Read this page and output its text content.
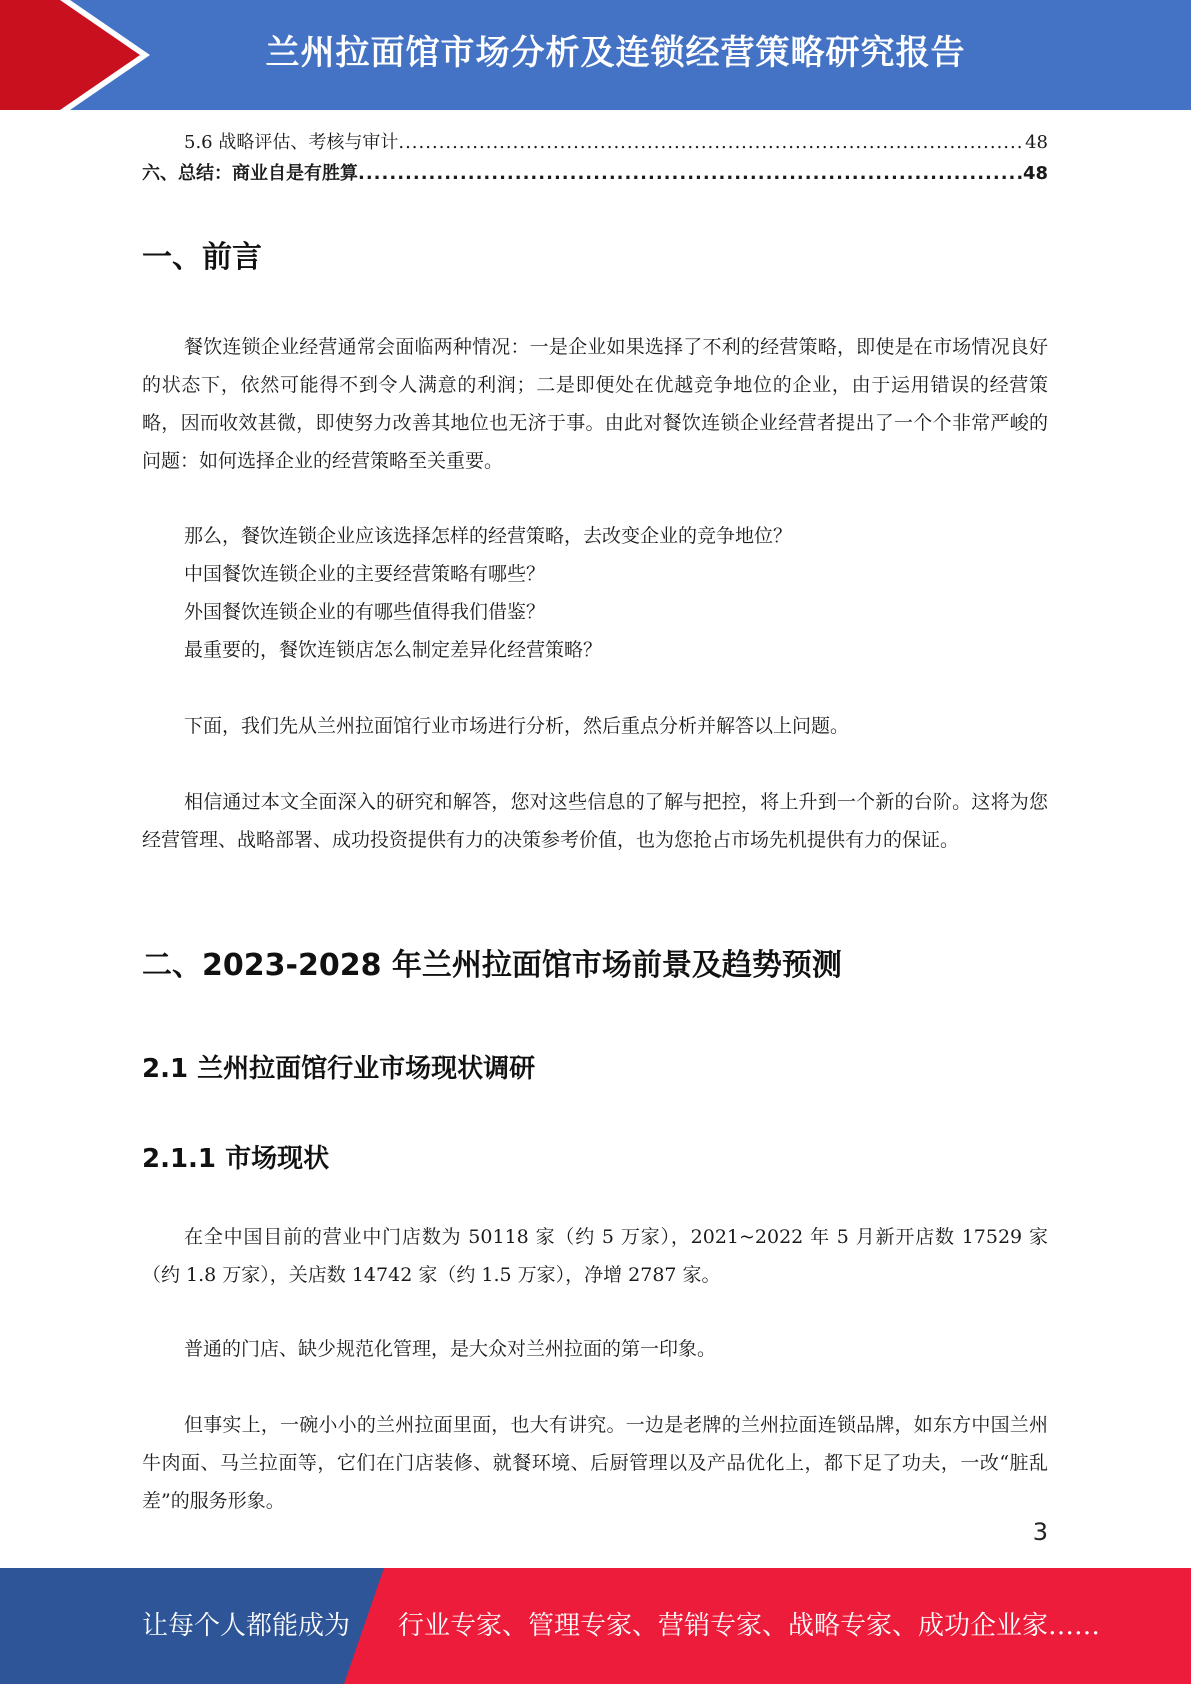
兰州拉面馆市场分析及连锁经营策略研究报告
5.6 战略评估、考核与审计 .....	48
六、总结：商业自是有胜算 .....	48
一、前言
餐饮连锁企业经营通常会面临两种情况：一是企业如果选择了不利的经营策略，即使是在市场情况良好的状态下，依然可能得不到令人满意的利润；二是即便处在优越竞争地位的企业，由于运用错误的经营策略，因而收效甚微，即使努力改善其地位也无济于事。由此对餐饮连锁企业经营者提出了一个个非常严峻的问题：如何选择企业的经营策略至关重要。
那么，餐饮连锁企业应该选择怎样的经营策略，去改变企业的竞争地位？
中国餐饮连锁企业的主要经营策略有哪些？
外国餐饮连锁企业的有哪些值得我们借鉴？
最重要的，餐饮连锁店怎么制定差异化经营策略？
下面，我们先从兰州拉面馆行业市场进行分析，然后重点分析并解答以上问题。
相信通过本文全面深入的研究和解答，您对这些信息的了解与把控，将上升到一个新的台阶。这将为您经营管理、战略部署、成功投资提供有力的决策参考价值，也为您抢占市场先机提供有力的保证。
二、2023-2028 年兰州拉面馆市场前景及趋势预测
2.1 兰州拉面馆行业市场现状调研
2.1.1 市场现状
在全中国目前的营业中门店数为 50118 家（约 5 万家），2021~2022 年 5 月新开店数 17529 家（约 1.8 万家），关店数 14742 家（约 1.5 万家），净增 2787 家。
普通的门店、缺少规范化管理，是大众对兰州拉面的第一印象。
但事实上，一碗小小的兰州拉面里面，也大有讲究。一边是老牌的兰州拉面连锁品牌，如东方中国兰州牛肉面、马兰拉面等，它们在门店装修、就餐环境、后厨管理以及产品优化上，都下足了功夫，一改“脏乱差”的服务形象。
3
让每个人都能成为 行业专家、管理专家、营销专家、战略专家、成功企业家……
